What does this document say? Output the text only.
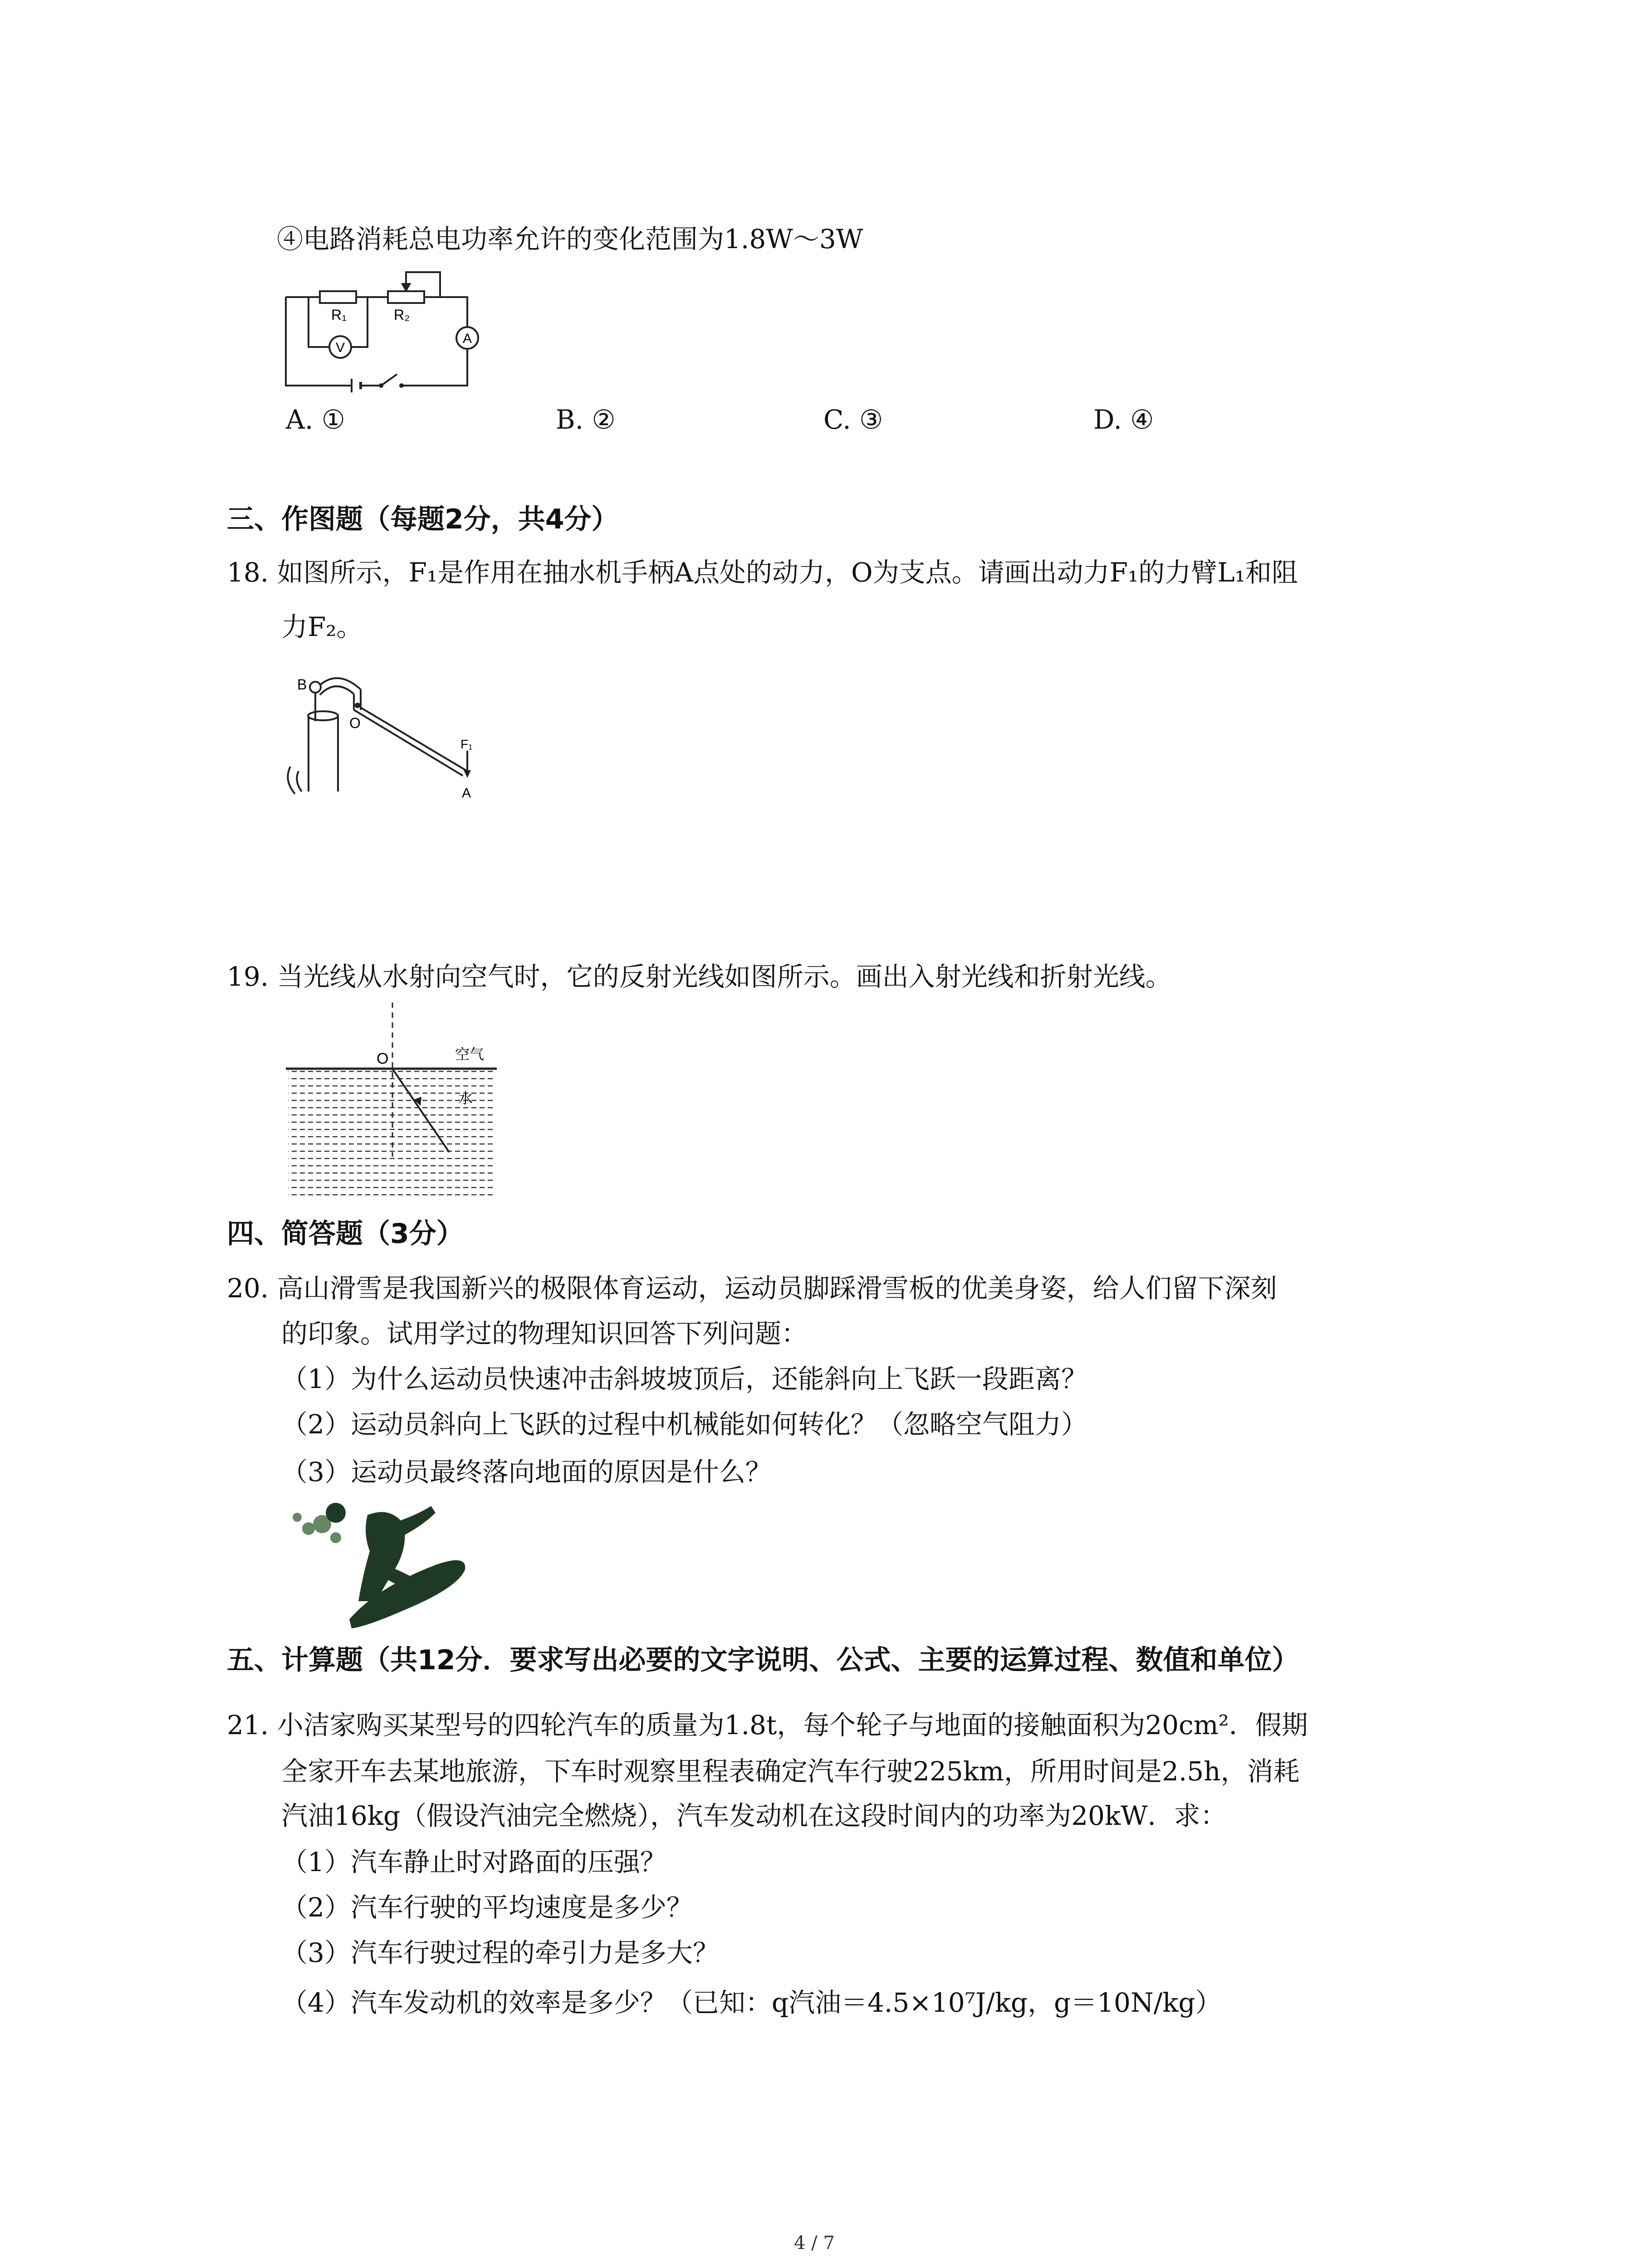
④电路消耗总电功率允许的变化范围为1.8W～3W
V
A
R₁	R₂
A. ①	B. ②	C. ③	D. ④
三、作图题（每题2分，共4分）
18. 如图所示，F₁是作用在抽水机手柄A点处的动力，O为支点。请画出动力F₁的力臂L₁和阻
力F₂。
B
O
F₁
A
19. 当光线从水射向空气时，它的反射光线如图所示。画出入射光线和折射光线。
O	空气
水
四、简答题（3分）
20. 高山滑雪是我国新兴的极限体育运动，运动员脚踩滑雪板的优美身姿，给人们留下深刻
的印象。试用学过的物理知识回答下列问题：
（1）为什么运动员快速冲击斜坡坡顶后，还能斜向上飞跃一段距离？
（2）运动员斜向上飞跃的过程中机械能如何转化？（忽略空气阻力）
（3）运动员最终落向地面的原因是什么？
五、计算题（共12分．要求写出必要的文字说明、公式、主要的运算过程、数值和单位）
21. 小洁家购买某型号的四轮汽车的质量为1.8t，每个轮子与地面的接触面积为20cm²．假期
全家开车去某地旅游，下车时观察里程表确定汽车行驶225km，所用时间是2.5h，消耗
汽油16kg（假设汽油完全燃烧），汽车发动机在这段时间内的功率为20kW．求：
（1）汽车静止时对路面的压强？
（2）汽车行驶的平均速度是多少？
（3）汽车行驶过程的牵引力是多大？
（4）汽车发动机的效率是多少？（已知：q汽油＝4.5×10⁷J/kg，g＝10N/kg）
4 / 7
